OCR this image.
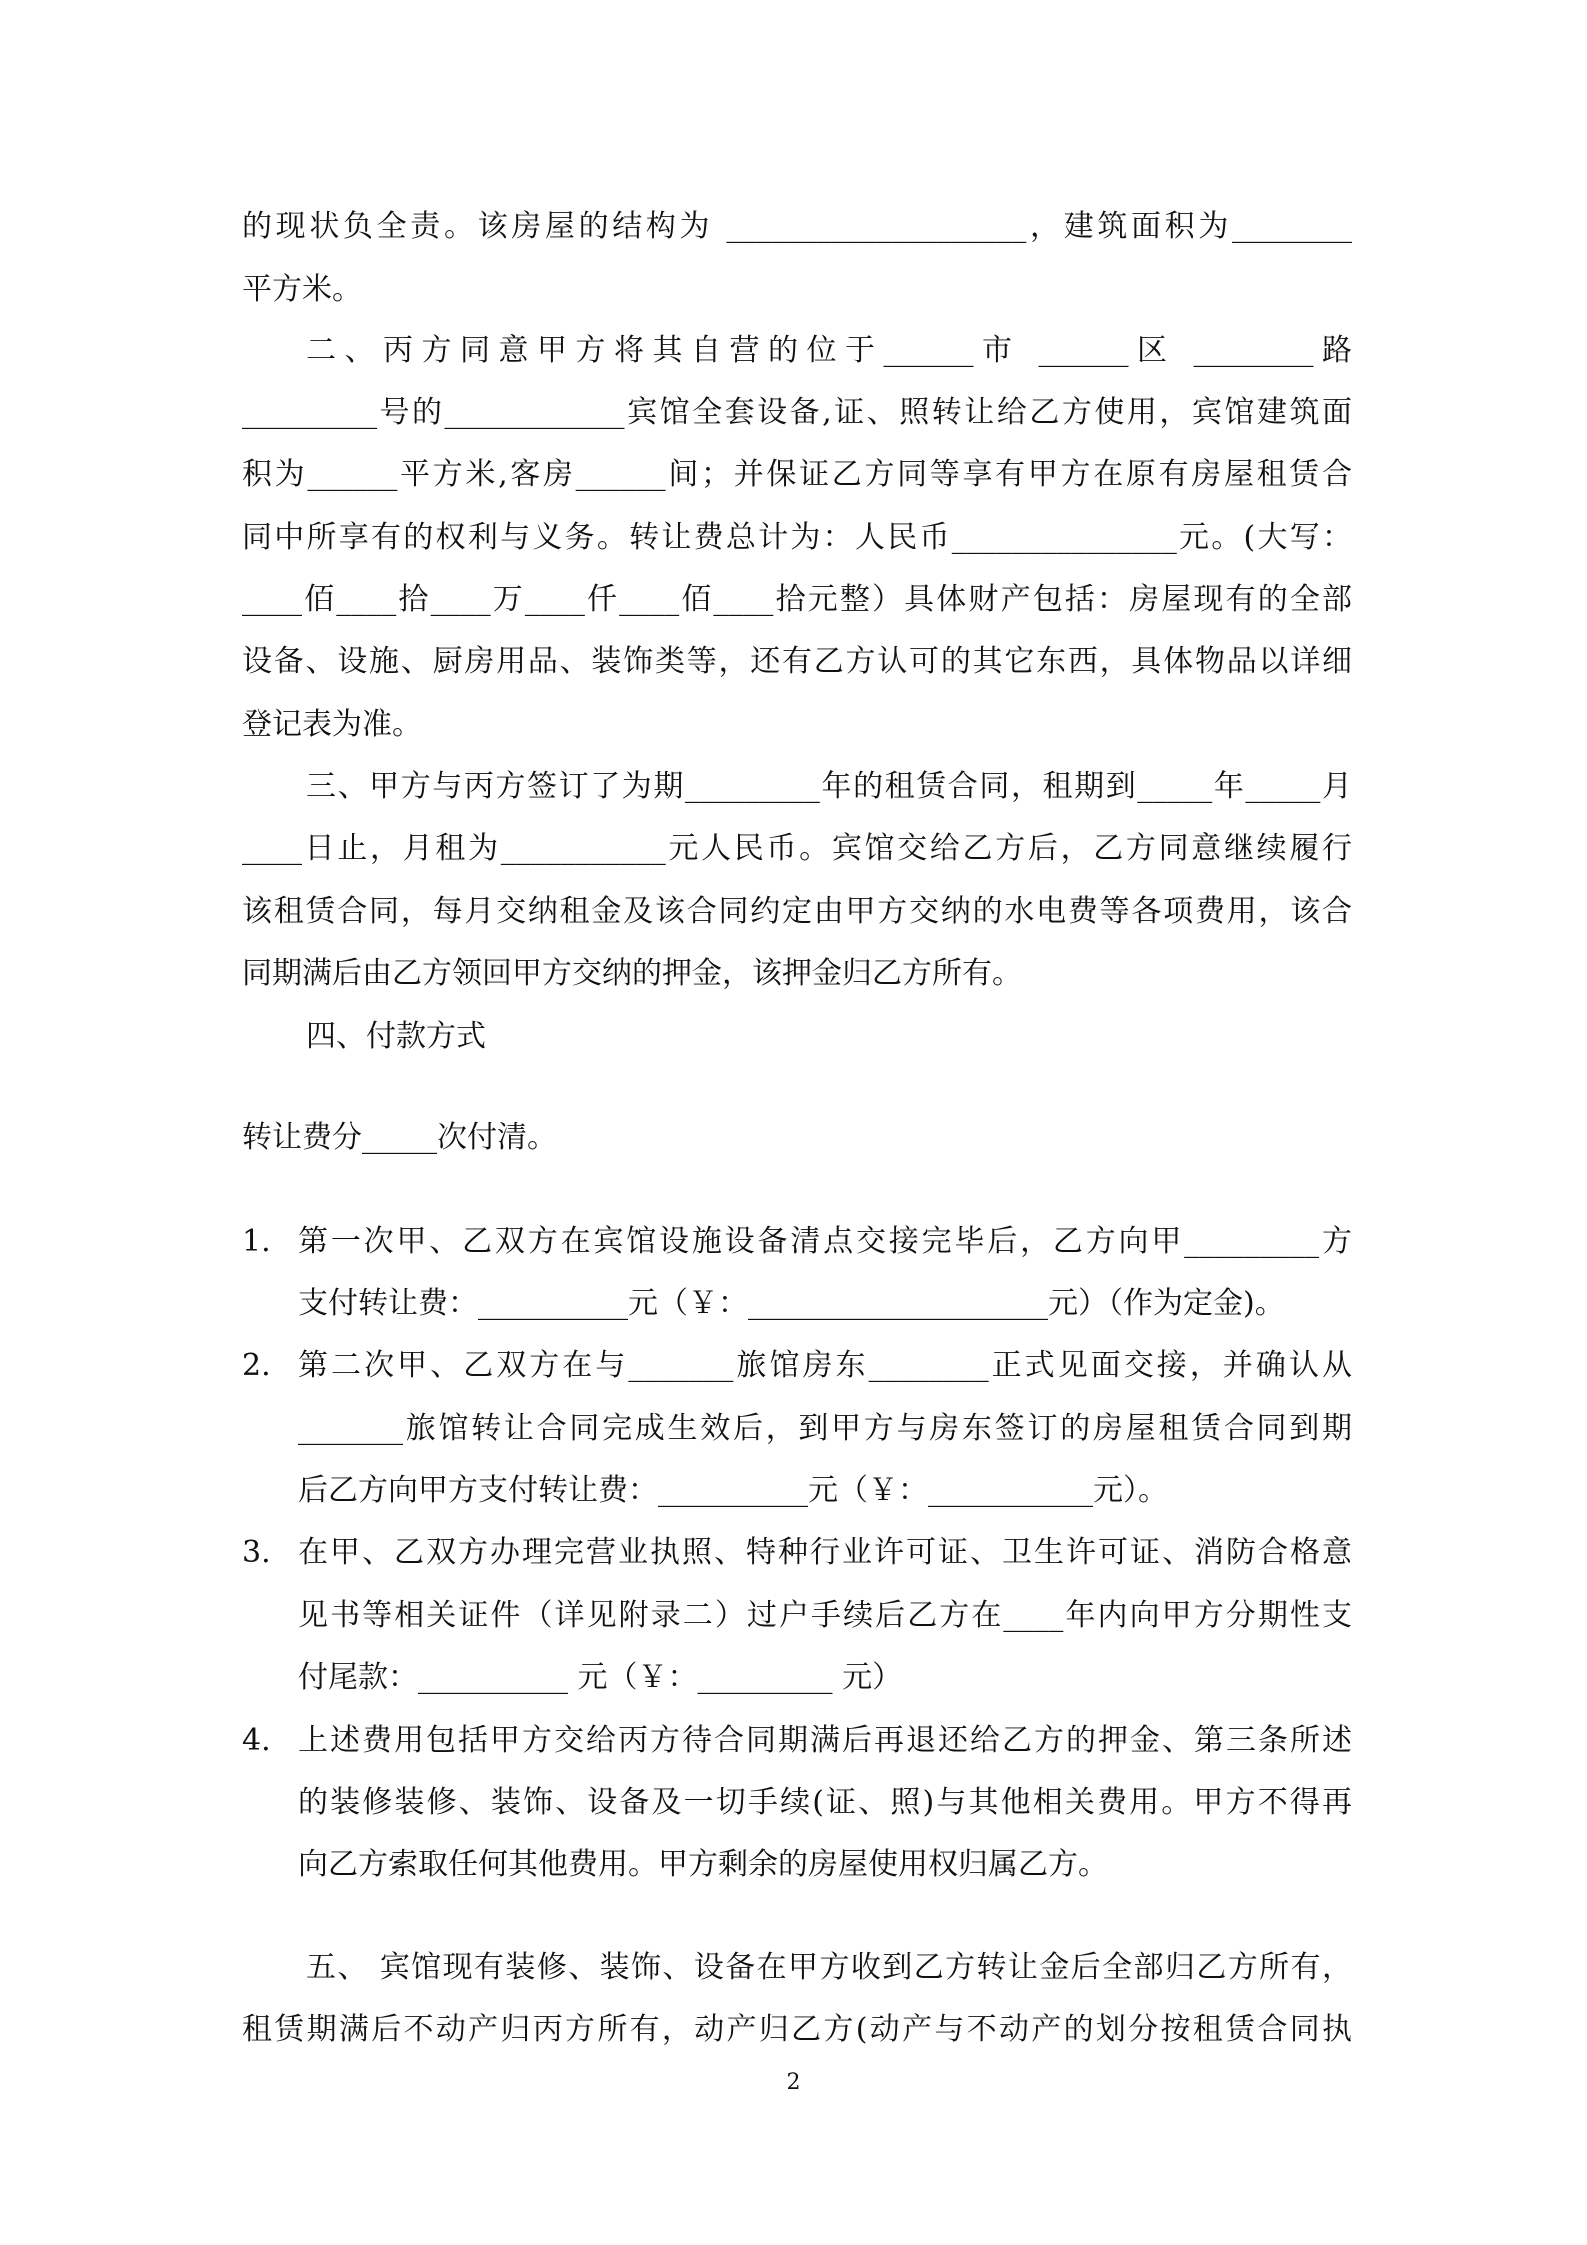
的现状负全责。该房屋的结构为 ____________________，建筑面积为________
平方米。
二、丙方同意甲方将其自营的位于______市 ______区 ________路
_________号的____________宾馆全套设备,证、照转让给乙方使用，宾馆建筑面
积为______平方米,客房______间；并保证乙方同等享有甲方在原有房屋租赁合
同中所享有的权利与义务。转让费总计为：人民币_______________元。(大写：
____佰____拾____万____仟____佰____拾元整）具体财产包括：房屋现有的全部
设备、设施、厨房用品、装饰类等，还有乙方认可的其它东西，具体物品以详细
登记表为准。
三、甲方与丙方签订了为期_________年的租赁合同，租期到_____年_____月
____日止，月租为___________元人民币。宾馆交给乙方后，乙方同意继续履行
该租赁合同，每月交纳租金及该合同约定由甲方交纳的水电费等各项费用，该合
同期满后由乙方领回甲方交纳的押金，该押金归乙方所有。
四、付款方式
转让费分_____次付清。
1. 第一次甲、乙双方在宾馆设施设备清点交接完毕后，乙方向甲_________方
支付转让费：__________元（￥：____________________元）（作为定金)。
2. 第二次甲、乙双方在与_______旅馆房东________正式见面交接，并确认从
_______旅馆转让合同完成生效后，到甲方与房东签订的房屋租赁合同到期
后乙方向甲方支付转让费：__________元（￥：___________元）。
3. 在甲、乙双方办理完营业执照、特种行业许可证、卫生许可证、消防合格意
见书等相关证件（详见附录二）过户手续后乙方在____年内向甲方分期性支
付尾款：__________ 元（￥：_________ 元）
4. 上述费用包括甲方交给丙方待合同期满后再退还给乙方的押金、第三条所述
的装修装修、装饰、设备及一切手续(证、照)与其他相关费用。甲方不得再
向乙方索取任何其他费用。甲方剩余的房屋使用权归属乙方。
五、 宾馆现有装修、装饰、设备在甲方收到乙方转让金后全部归乙方所有，
租赁期满后不动产归丙方所有，动产归乙方(动产与不动产的划分按租赁合同执
2
